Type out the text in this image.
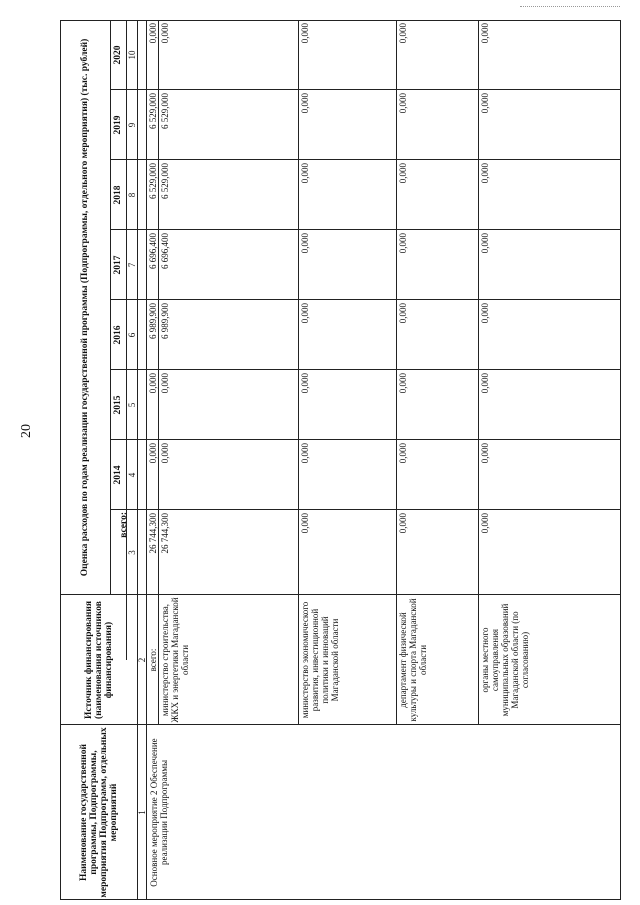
20
Наименование государственной программы, Подпрограммы, мероприятия Подпрограмм, отдельных мероприятий
Источник финансирования (наименования источников финансирования)
Оценка расходов по годам реализации государственной программы (Подпрограммы, отдельного мероприятия) (тыс. рублей)	всего:
2014
2015
2016
2017
2018
2019
2020
1
2
3
4
5
6
7
8
9
10
Основное мероприятие 2 Обеспечение реализации Подпрограммы
всего:
26 744,300
0,000
0,000
6 989,900
6 696,400
6 529,000
6 529,000
0,000
министерство строительства, ЖКХ и энергетики Магаданской области
26 744,300
0,000
0,000
6 989,900
6 696,400
6 529,000
6 529,000
0,000
министерство экономического развития, инвестиционной политики и инноваций Магаданской области
0,000
0,000
0,000
0,000
0,000
0,000
0,000
0,000
департамент физической культуры и спорта Магаданской области
0,000
0,000
0,000
0,000
0,000
0,000
0,000
0,000
органы местного самоуправления муниципальных образований Магаданской области (по согласованию)
0,000
0,000
0,000
0,000
0,000
0,000
0,000
0,000
